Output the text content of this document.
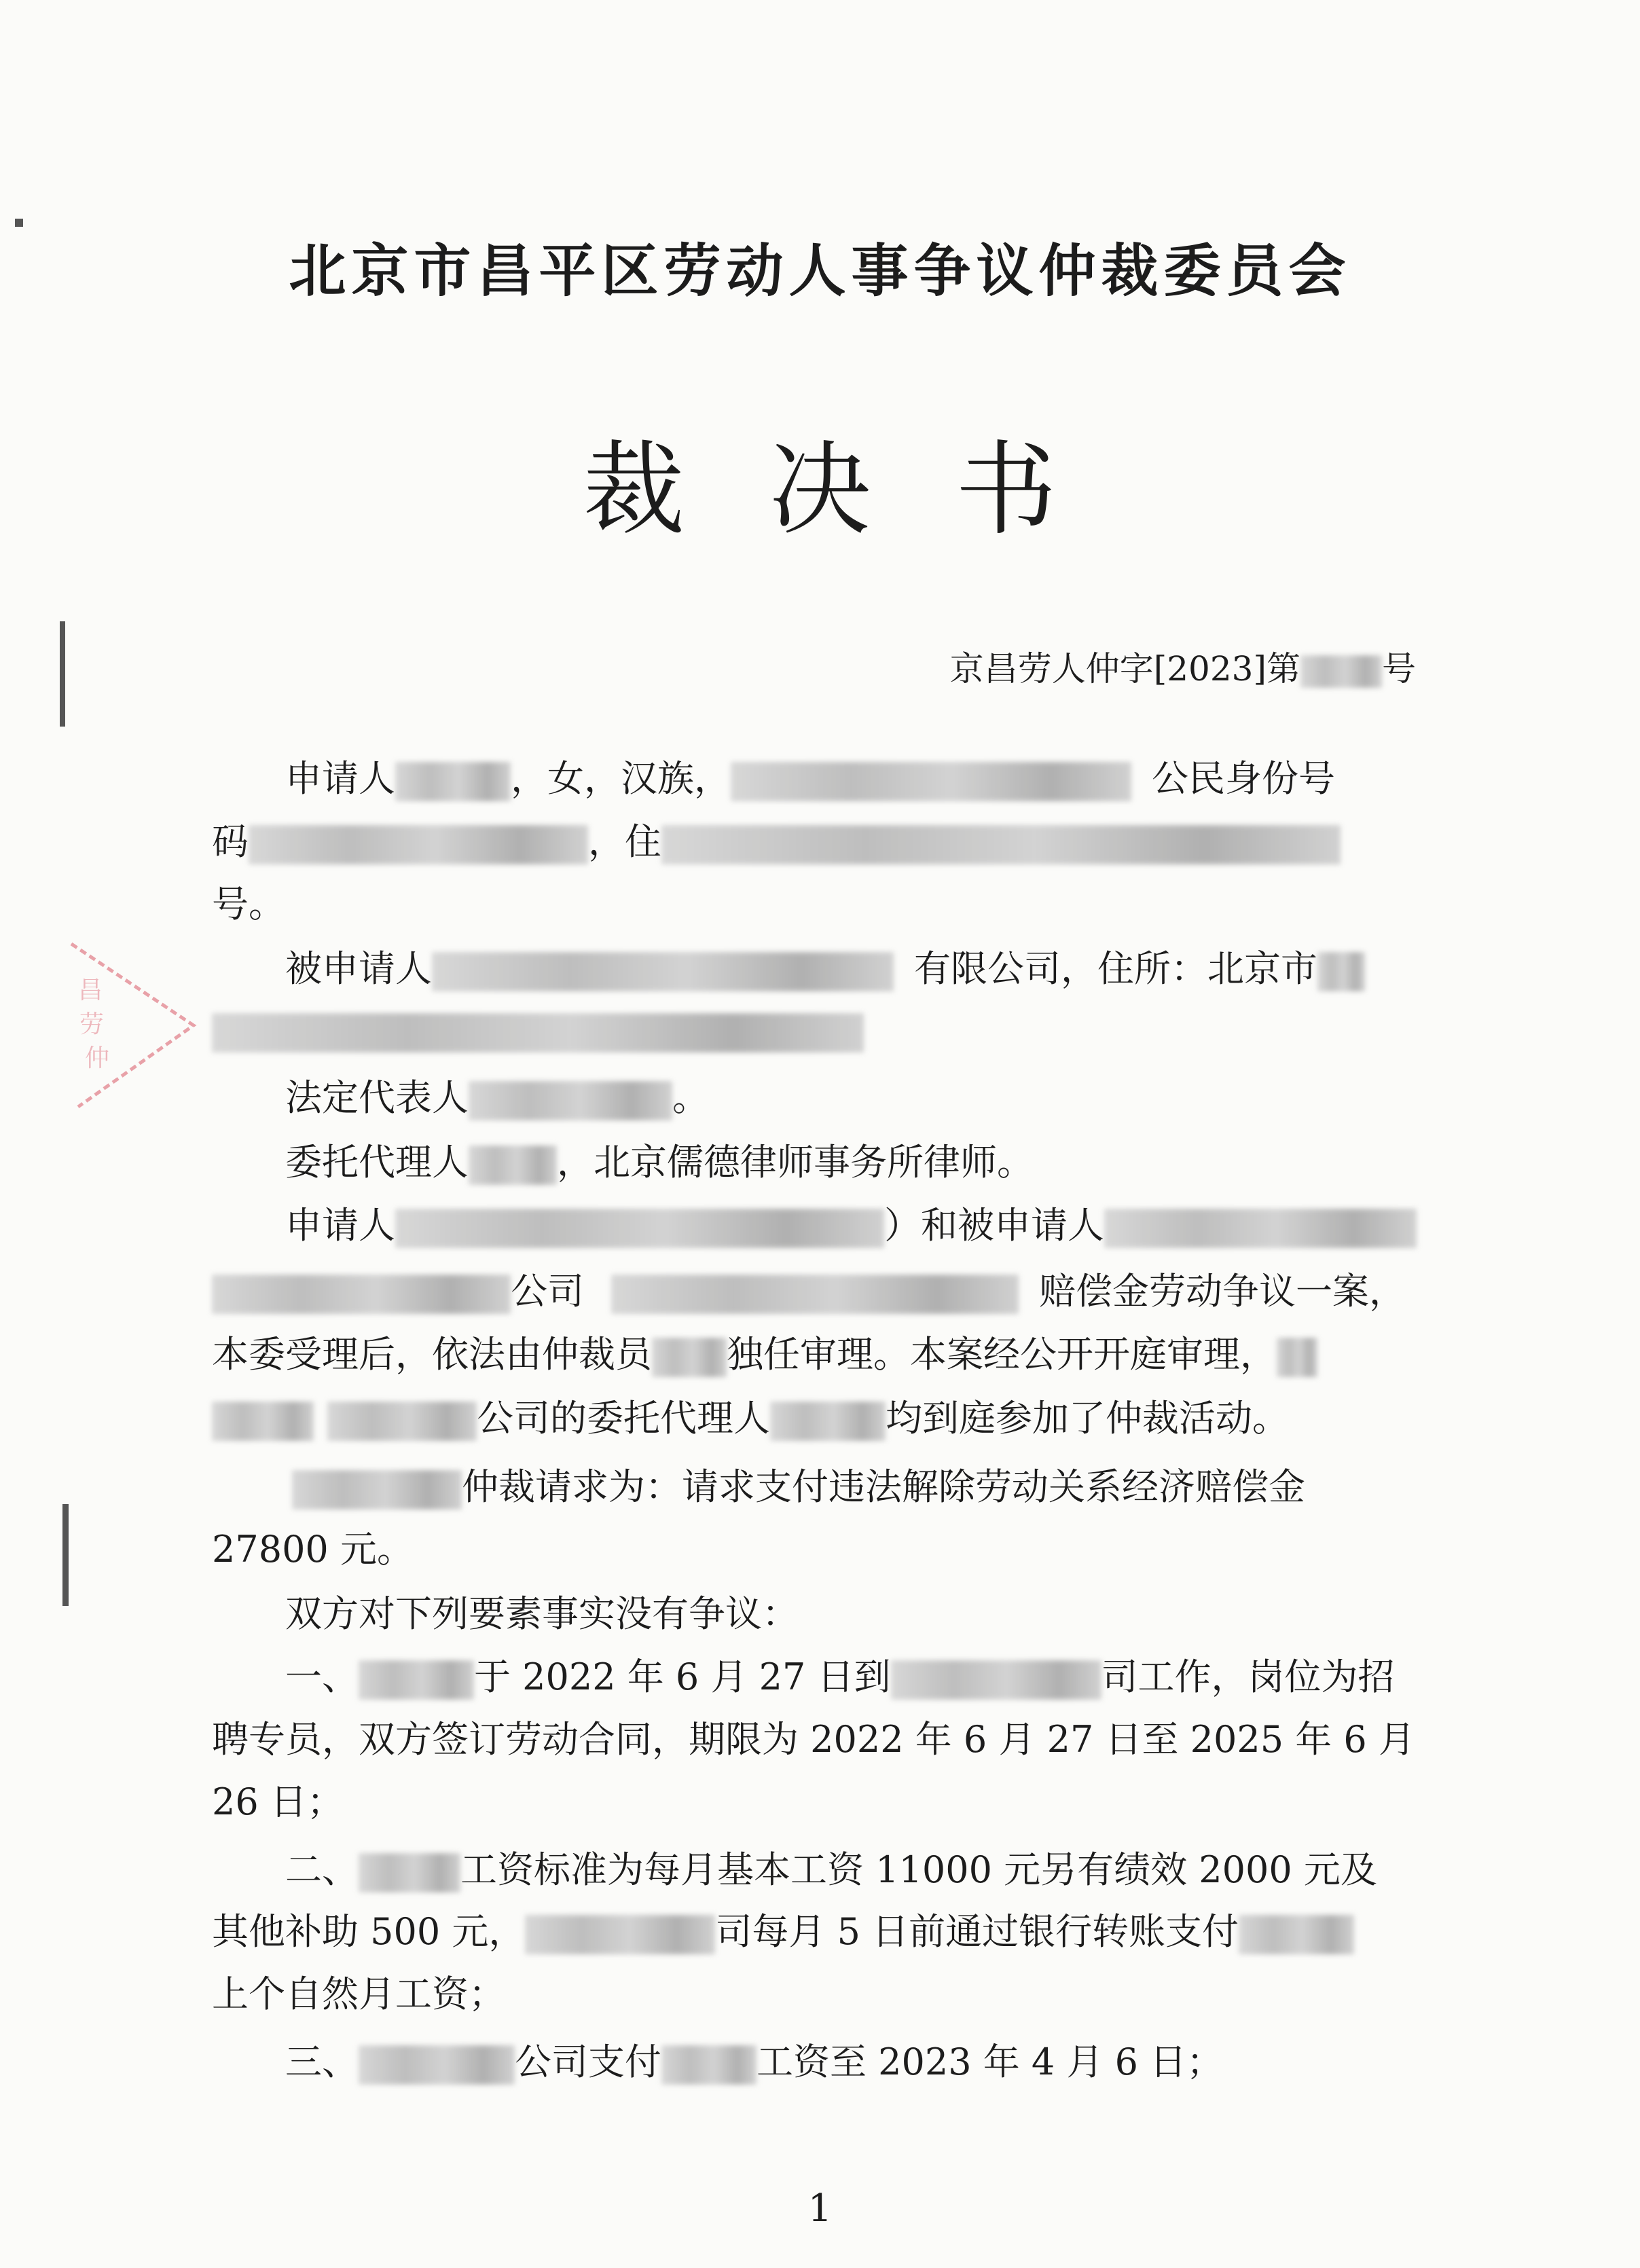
昌
劳
仲
北京市昌平区劳动人事争议仲裁委员会
裁 决 书
京昌劳人仲字[2023]第 号
申请人	，女，汉族，	公民身份号
码	，住
号。
被申请人	有限公司，住所：北京市
法定代表人	。
委托代理人 ，北京儒德律师事务所律师。
申请人	）和被申请人
公司	赔偿金劳动争议一案，
本委受理后，依法由仲裁员 独任审理。本案经公开开庭审理，
公司的委托代理人	均到庭参加了仲裁活动。
仲裁请求为：请求支付违法解除劳动关系经济赔偿金
27800 元。
双方对下列要素事实没有争议：
一、	于 2022 年 6 月 27 日到	司工作，岗位为招
聘专员，双方签订劳动合同，期限为 2022 年 6 月 27 日至 2025 年 6 月
26 日；
二、	工资标准为每月基本工资 11000 元另有绩效 2000 元及
其他补助 500 元，	司每月 5 日前通过银行转账支付
上个自然月工资；
三、	公司支付	工资至 2023 年 4 月 6 日；
1
